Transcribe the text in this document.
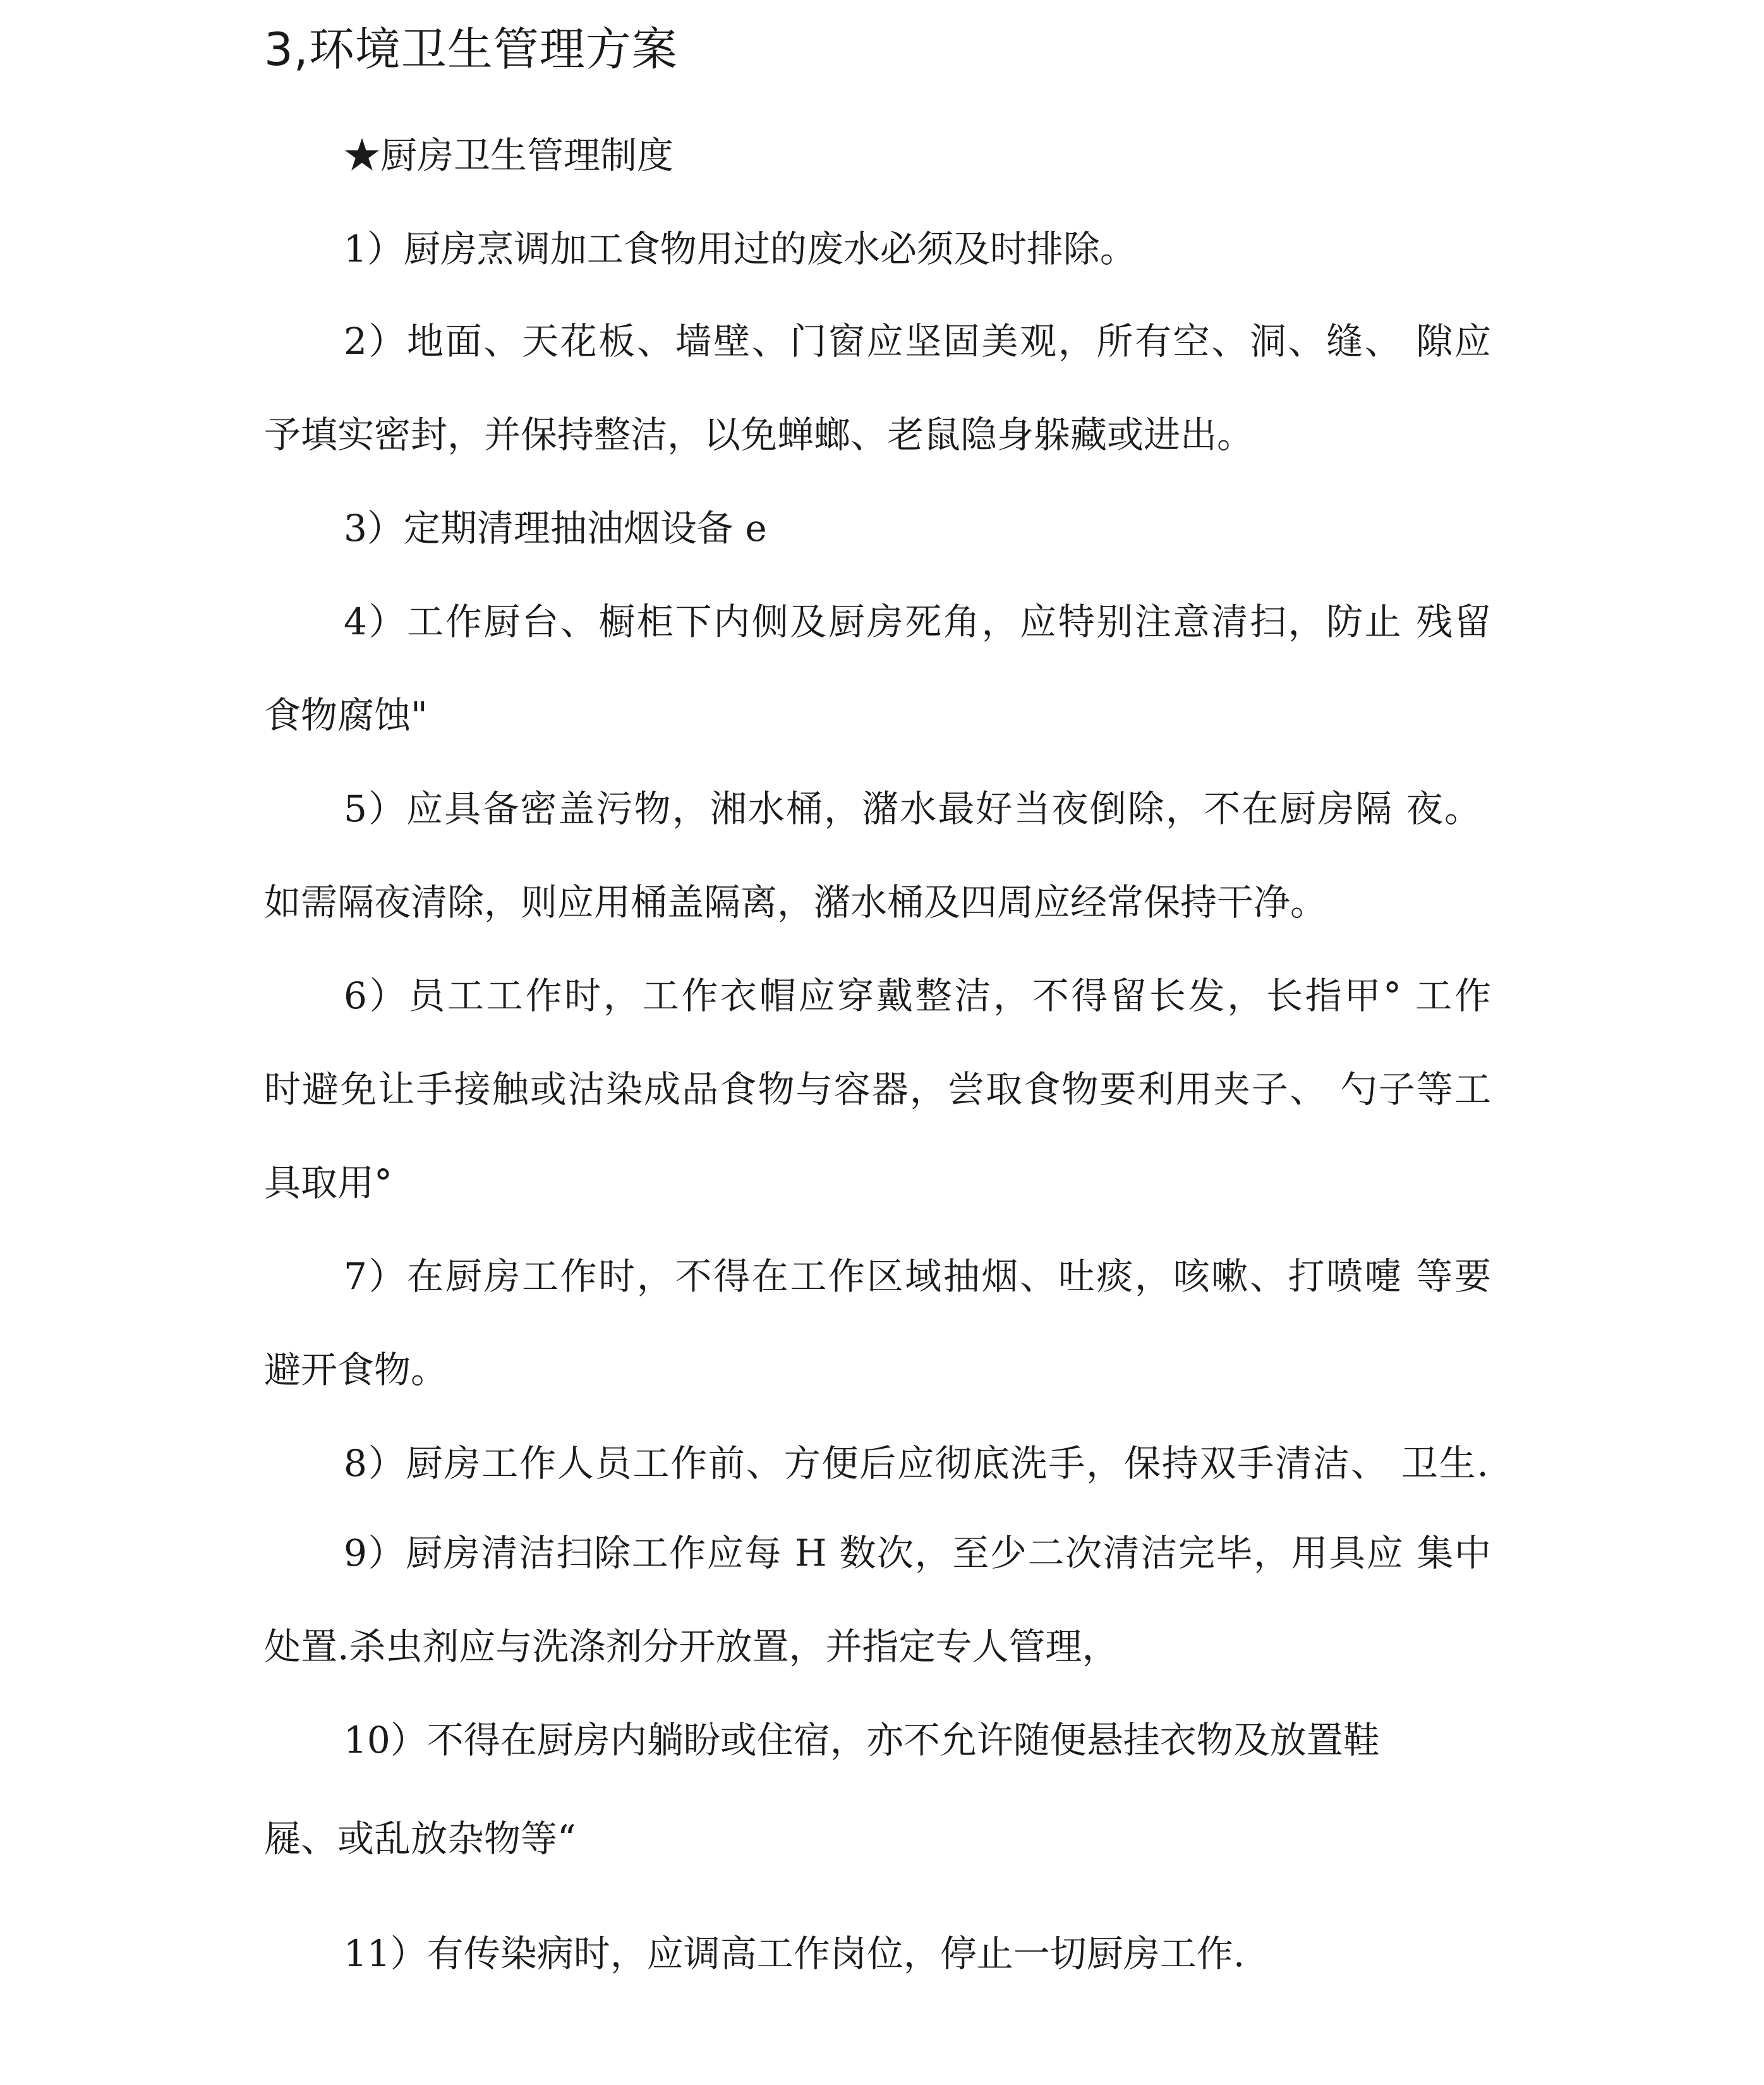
3,环境卫生管理方案
★厨房卫生管理制度
1）厨房烹调加工食物用过的废水必须及时排除。
2）地面、天花板、墙壁、门窗应坚固美观，所有空、洞、缝、 隙应
予填实密封，并保持整洁，以免蝉螂、老鼠隐身躲藏或进出。
3）定期清理抽油烟设备 e
4）工作厨台、橱柜下内侧及厨房死角，应特别注意清扫，防止 残留
食物腐蚀"
5）应具备密盖污物，湘水桶，潴水最好当夜倒除，不在厨房隔 夜。
如需隔夜清除，则应用桶盖隔离，潴水桶及四周应经常保持干净。
6）员工工作时，工作衣帽应穿戴整洁，不得留长发，长指甲° 工作
时避免让手接触或沽染成品食物与容器，尝取食物要利用夹子、 勺子等工
具取用°
7）在厨房工作时，不得在工作区域抽烟、吐痰，咳嗽、打喷嚏 等要
避开食物。
8）厨房工作人员工作前、方便后应彻底洗手，保持双手清洁、 卫生.
9）厨房清洁扫除工作应每 H 数次，至少二次清洁完毕，用具应 集中
处置.杀虫剂应与洗涤剂分开放置，并指定专人管理，
10）不得在厨房内躺盼或住宿，亦不允许随便悬挂衣物及放置鞋
屣、或乱放杂物等“
11）有传染病时，应调高工作岗位，停止一切厨房工作.
